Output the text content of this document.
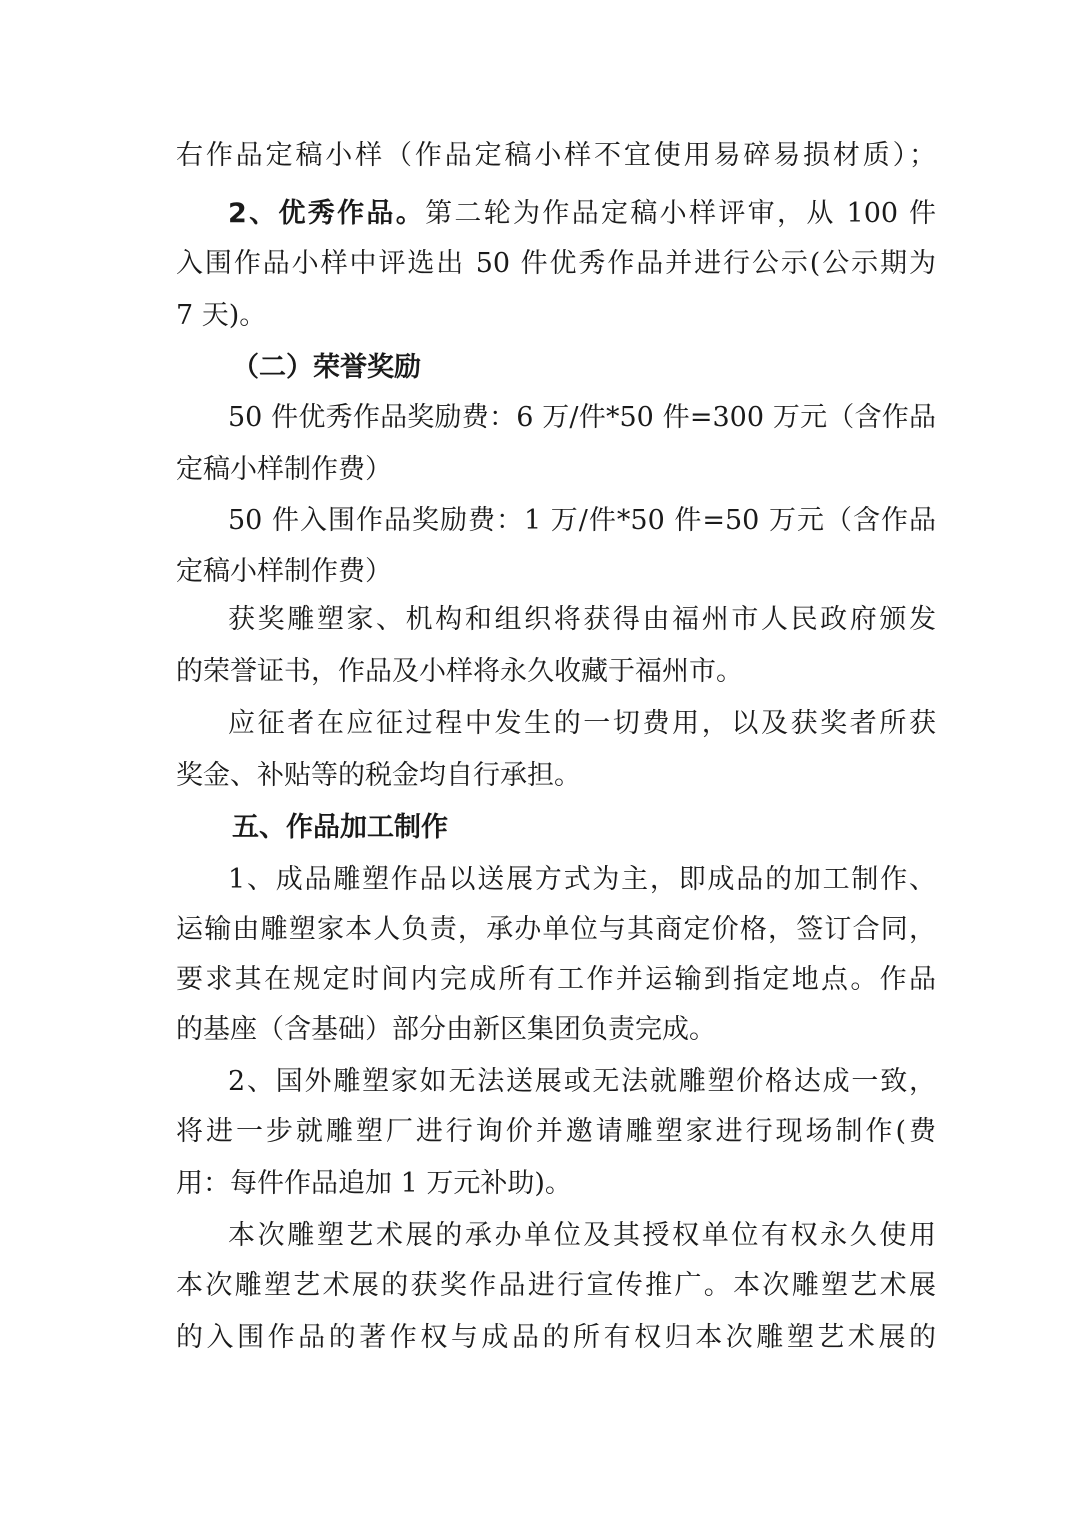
右作品定稿小样（作品定稿小样不宜使用易碎易损材质）；
2、优秀作品。第二轮为作品定稿小样评审，从 100 件
入围作品小样中评选出 50 件优秀作品并进行公示(公示期为
7 天)。
（二）荣誉奖励
50 件优秀作品奖励费：6 万/件*50 件=300 万元（含作品
定稿小样制作费）
50 件入围作品奖励费：1 万/件*50 件=50 万元（含作品
定稿小样制作费）
获奖雕塑家、机构和组织将获得由福州市人民政府颁发
的荣誉证书，作品及小样将永久收藏于福州市。
应征者在应征过程中发生的一切费用，以及获奖者所获
奖金、补贴等的税金均自行承担。
五、作品加工制作
1、成品雕塑作品以送展方式为主，即成品的加工制作、
运输由雕塑家本人负责，承办单位与其商定价格，签订合同，
要求其在规定时间内完成所有工作并运输到指定地点。作品
的基座（含基础）部分由新区集团负责完成。
2、国外雕塑家如无法送展或无法就雕塑价格达成一致，
将进一步就雕塑厂进行询价并邀请雕塑家进行现场制作(费
用：每件作品追加 1 万元补助)。
本次雕塑艺术展的承办单位及其授权单位有权永久使用
本次雕塑艺术展的获奖作品进行宣传推广。本次雕塑艺术展
的入围作品的著作权与成品的所有权归本次雕塑艺术展的
